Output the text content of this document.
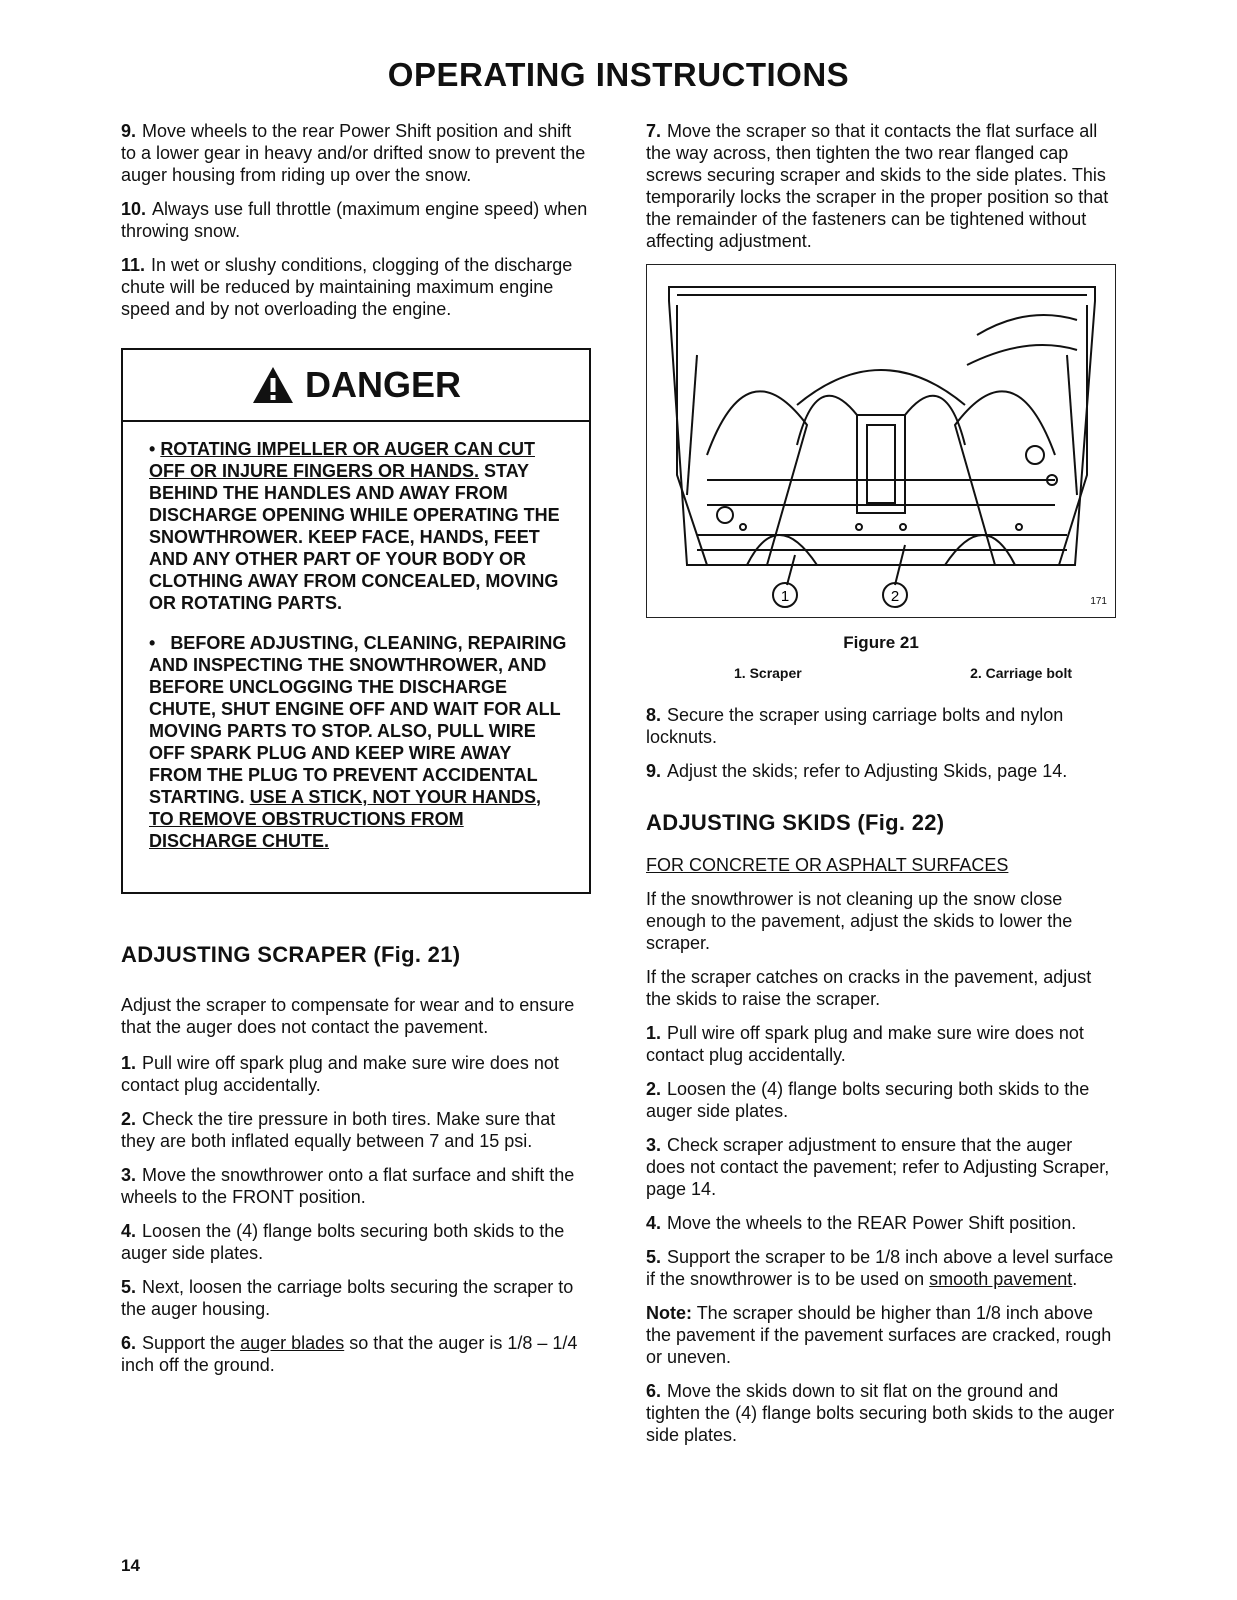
OPERATING INSTRUCTIONS

9. Move wheels to the rear Power Shift position and shift to a lower gear in heavy and/or drifted snow to prevent the auger housing from riding up over the snow.

10. Always use full throttle (maximum engine speed) when throwing snow.

11. In wet or slushy conditions, clogging of the discharge chute will be reduced by maintaining maximum engine speed and by not overloading the engine.

DANGER

• ROTATING IMPELLER OR AUGER CAN CUT OFF OR INJURE FINGERS OR HANDS. STAY BEHIND THE HANDLES AND AWAY FROM DISCHARGE OPENING WHILE OPERATING THE SNOWTHROWER. KEEP FACE, HANDS, FEET AND ANY OTHER PART OF YOUR BODY OR CLOTHING AWAY FROM CONCEALED, MOVING OR ROTATING PARTS.

•   BEFORE ADJUSTING, CLEANING, REPAIRING AND INSPECTING THE SNOWTHROWER, AND BEFORE UNCLOGGING THE DISCHARGE CHUTE, SHUT ENGINE OFF AND WAIT FOR ALL MOVING PARTS TO STOP. ALSO, PULL WIRE OFF SPARK PLUG AND KEEP WIRE AWAY FROM THE PLUG TO PREVENT ACCIDENTAL STARTING. USE A STICK, NOT YOUR HANDS, TO REMOVE OBSTRUCTIONS FROM DISCHARGE CHUTE.

ADJUSTING SCRAPER (Fig. 21)

Adjust the scraper to compensate for wear and to ensure that the auger does not contact the pavement.

1. Pull wire off spark plug and make sure wire does not contact plug accidentally.

2. Check the tire pressure in both tires. Make sure that they are both inflated equally between 7 and 15 psi.

3. Move the snowthrower onto a flat surface and shift the wheels to the FRONT position.

4. Loosen the (4) flange bolts securing both skids to the auger side plates.

5. Next, loosen the carriage bolts securing the scraper to the auger housing.

6. Support the auger blades so that the auger is 1/8 – 1/4 inch off the ground.

7. Move the scraper so that it contacts the flat surface all the way across, then tighten the two rear flanged cap screws securing scraper and skids to the side plates. This temporarily locks the scraper in the proper position so that the remainder of the fasteners can be tightened without affecting adjustment.

1	2	171
Figure 21
1. Scraper	2. Carriage bolt

8. Secure the scraper using carriage bolts and nylon locknuts.

9. Adjust the skids; refer to Adjusting Skids, page 14.

ADJUSTING SKIDS (Fig. 22)

FOR CONCRETE OR ASPHALT SURFACES

If the snowthrower is not cleaning up the snow close enough to the pavement, adjust the skids to lower the scraper.

If the scraper catches on cracks in the pavement, adjust the skids to raise the scraper.

1. Pull wire off spark plug and make sure wire does not contact plug accidentally.

2. Loosen the (4) flange bolts securing both skids to the auger side plates.

3. Check scraper adjustment to ensure that the auger does not contact the pavement; refer to Adjusting Scraper, page 14.

4. Move the wheels to the REAR Power Shift position.

5. Support the scraper to be 1/8 inch above a level surface if the snowthrower is to be used on smooth pavement.

Note: The scraper should be higher than 1/8 inch above the pavement if the pavement surfaces are cracked, rough or uneven.

6. Move the skids down to sit flat on the ground and tighten the (4) flange bolts securing both skids to the auger side plates.

14
